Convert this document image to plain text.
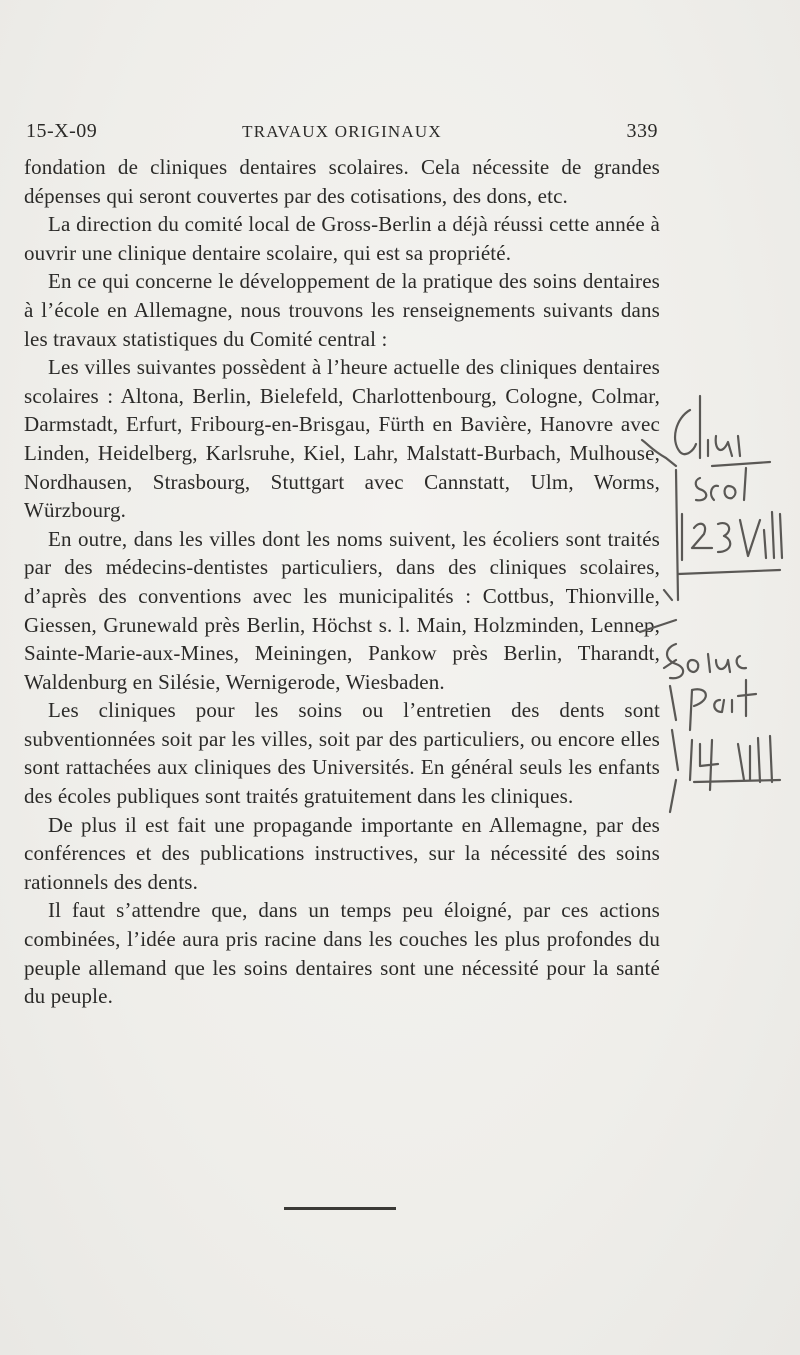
15-X-09	TRAVAUX ORIGINAUX	339

fondation de cliniques dentaires scolaires. Cela nécessite de grandes dépenses qui seront couvertes par des cotisations, des dons, etc.

La direction du comité local de Gross-Berlin a déjà réussi cette année à ouvrir une clinique dentaire scolaire, qui est sa propriété.

En ce qui concerne le développement de la pratique des soins dentaires à l’école en Allemagne, nous trouvons les renseignements suivants dans les travaux statistiques du Comité central :

Les villes suivantes possèdent à l’heure actuelle des cliniques dentaires scolaires : Altona, Berlin, Bielefeld, Charlottenbourg, Cologne, Colmar, Darmstadt, Erfurt, Fribourg-en-Brisgau, Fürth en Bavière, Hanovre avec Linden, Heidelberg, Karlsruhe, Kiel, Lahr, Malstatt-Burbach, Mulhouse, Nordhausen, Strasbourg, Stuttgart avec Cannstatt, Ulm, Worms, Würzbourg.

En outre, dans les villes dont les noms suivent, les écoliers sont traités par des médecins-dentistes particuliers, dans des cliniques scolaires, d’après des conventions avec les municipalités : Cottbus, Thionville, Giessen, Grunewald près Berlin, Höchst s. l. Main, Holzminden, Lennep, Sainte-Marie-aux-Mines, Meiningen, Pankow près Berlin, Tharandt, Waldenburg en Silésie, Wernigerode, Wiesbaden.

Les cliniques pour les soins ou l’entretien des dents sont subventionnées soit par les villes, soit par des particuliers, ou encore elles sont rattachées aux cliniques des Universités. En général seuls les enfants des écoles publiques sont traités gratuitement dans les cliniques.

De plus il est fait une propagande importante en Allemagne, par des conférences et des publications instructives, sur la nécessité des soins rationnels des dents.

Il faut s’attendre que, dans un temps peu éloigné, par ces actions combinées, l’idée aura pris racine dans les couches les plus profondes du peuple allemand que les soins dentaires sont une nécessité pour la santé du peuple.
